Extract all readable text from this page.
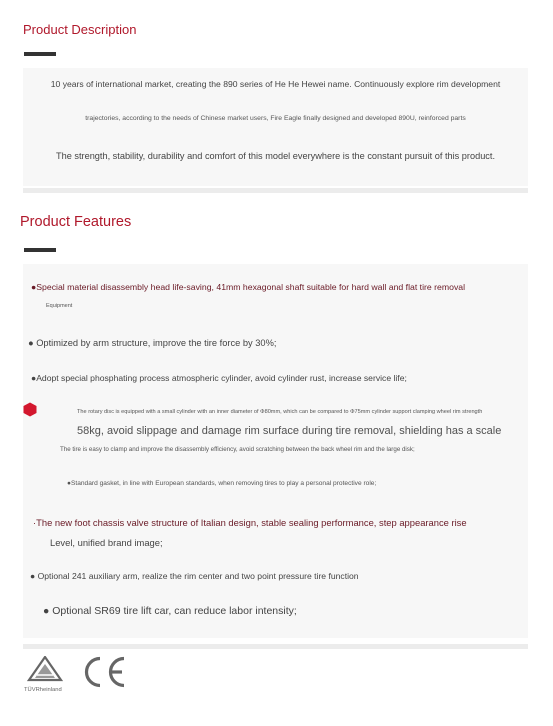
Product Description
10 years of international market, creating the 890 series of He He Hewei name. Continuously explore rim development
trajectories, according to the needs of Chinese market users, Fire Eagle finally designed and developed 890U, reinforced parts
The strength, stability, durability and comfort of this model everywhere is the constant pursuit of this product.
Product Features
●Special material disassembly head life-saving, 41mm hexagonal shaft suitable for hard wall and flat tire removal
Equipment
● Optimized by arm structure, improve the tire force by 30%;
●Adopt special phosphating process atmospheric cylinder, avoid cylinder rust, increase service life;
The rotary disc is equipped with a small cylinder with an inner diameter of Φ80mm, which can be compared to Φ75mm cylinder support clamping wheel rim strength
58kg, avoid slippage and damage rim surface during tire removal, shielding has a scale
The tire is easy to clamp and improve the disassembly efficiency, avoid scratching between the back wheel rim and the large disk;
●Standard gasket, in line with European standards, when removing tires to play a personal protective role;
·The new foot chassis valve structure of Italian design, stable sealing performance, step appearance rise
Level, unified brand image;
● Optional 241 auxiliary arm, realize the rim center and two point pressure tire function
● Optional SR69 tire lift car, can reduce labor intensity;
TÜVRheinland
